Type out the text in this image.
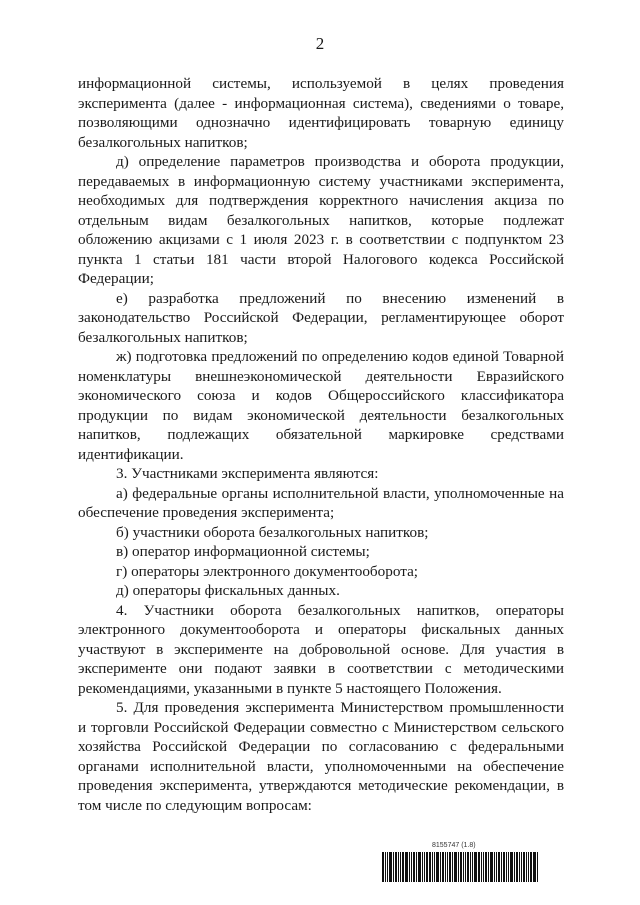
2

информационной системы, используемой в целях проведения эксперимента (далее - информационная система), сведениями о товаре, позволяющими однозначно идентифицировать товарную единицу безалкогольных напитков;

д) определение параметров производства и оборота продукции, передаваемых в информационную систему участниками эксперимента, необходимых для подтверждения корректного начисления акциза по отдельным видам безалкогольных напитков, которые подлежат обложению акцизами с 1 июля 2023 г. в соответствии с подпунктом 23 пункта 1 статьи 181 части второй Налогового кодекса Российской Федерации;

е) разработка предложений по внесению изменений в законодательство Российской Федерации, регламентирующее оборот безалкогольных напитков;

ж) подготовка предложений по определению кодов единой Товарной номенклатуры внешнеэкономической деятельности Евразийского экономического союза и кодов Общероссийского классификатора продукции по видам экономической деятельности безалкогольных напитков, подлежащих обязательной маркировке средствами идентификации.

3. Участниками эксперимента являются:

а) федеральные органы исполнительной власти, уполномоченные на обеспечение проведения эксперимента;

б) участники оборота безалкогольных напитков;

в) оператор информационной системы;

г) операторы электронного документооборота;

д) операторы фискальных данных.

4. Участники оборота безалкогольных напитков, операторы электронного документооборота и операторы фискальных данных участвуют в эксперименте на добровольной основе. Для участия в эксперименте они подают заявки в соответствии с методическими рекомендациями, указанными в пункте 5 настоящего Положения.

5. Для проведения эксперимента Министерством промышленности и торговли Российской Федерации совместно с Министерством сельского хозяйства Российской Федерации по согласованию с федеральными органами исполнительной власти, уполномоченными на обеспечение проведения эксперимента, утверждаются методические рекомендации, в том числе по следующим вопросам:

8155747 (1.8)
